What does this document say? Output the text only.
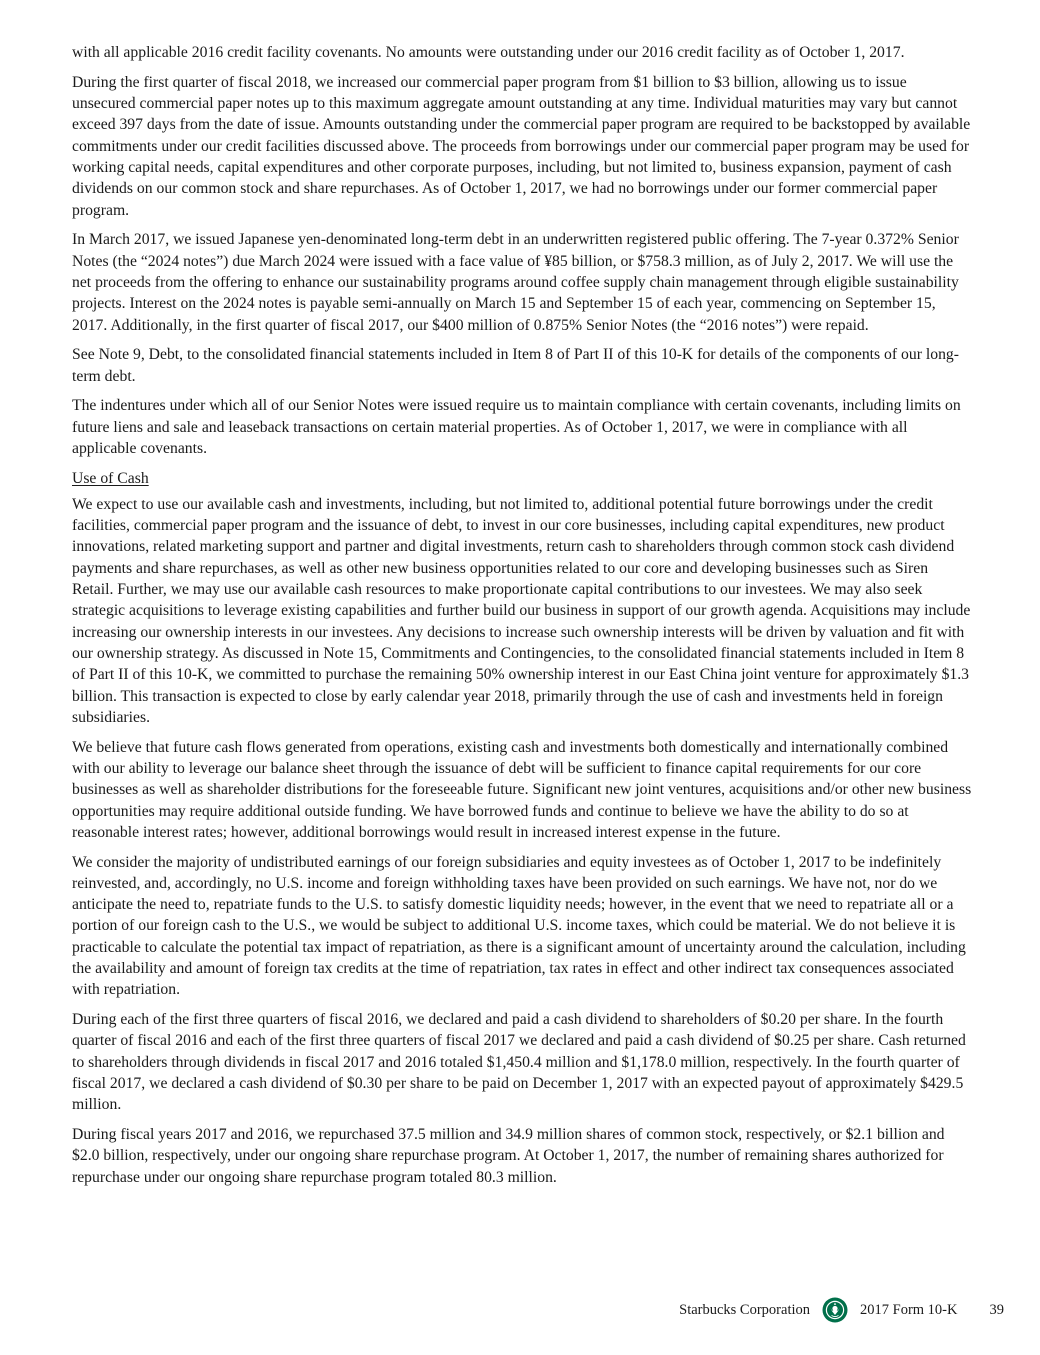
with all applicable 2016 credit facility covenants. No amounts were outstanding under our 2016 credit facility as of October 1, 2017.

During the first quarter of fiscal 2018, we increased our commercial paper program from $1 billion to $3 billion, allowing us to issue unsecured commercial paper notes up to this maximum aggregate amount outstanding at any time. Individual maturities may vary but cannot exceed 397 days from the date of issue. Amounts outstanding under the commercial paper program are required to be backstopped by available commitments under our credit facilities discussed above. The proceeds from borrowings under our commercial paper program may be used for working capital needs, capital expenditures and other corporate purposes, including, but not limited to, business expansion, payment of cash dividends on our common stock and share repurchases. As of October 1, 2017, we had no borrowings under our former commercial paper program.

In March 2017, we issued Japanese yen-denominated long-term debt in an underwritten registered public offering. The 7-year 0.372% Senior Notes (the “2024 notes”) due March 2024 were issued with a face value of ¥85 billion, or $758.3 million, as of July 2, 2017. We will use the net proceeds from the offering to enhance our sustainability programs around coffee supply chain management through eligible sustainability projects. Interest on the 2024 notes is payable semi-annually on March 15 and September 15 of each year, commencing on September 15, 2017. Additionally, in the first quarter of fiscal 2017, our $400 million of 0.875% Senior Notes (the “2016 notes”) were repaid.

See Note 9, Debt, to the consolidated financial statements included in Item 8 of Part II of this 10-K for details of the components of our long-term debt.

The indentures under which all of our Senior Notes were issued require us to maintain compliance with certain covenants, including limits on future liens and sale and leaseback transactions on certain material properties. As of October 1, 2017, we were in compliance with all applicable covenants.

Use of Cash

We expect to use our available cash and investments, including, but not limited to, additional potential future borrowings under the credit facilities, commercial paper program and the issuance of debt, to invest in our core businesses, including capital expenditures, new product innovations, related marketing support and partner and digital investments, return cash to shareholders through common stock cash dividend payments and share repurchases, as well as other new business opportunities related to our core and developing businesses such as Siren Retail. Further, we may use our available cash resources to make proportionate capital contributions to our investees. We may also seek strategic acquisitions to leverage existing capabilities and further build our business in support of our growth agenda. Acquisitions may include increasing our ownership interests in our investees. Any decisions to increase such ownership interests will be driven by valuation and fit with our ownership strategy. As discussed in Note 15, Commitments and Contingencies, to the consolidated financial statements included in Item 8 of Part II of this 10-K, we committed to purchase the remaining 50% ownership interest in our East China joint venture for approximately $1.3 billion. This transaction is expected to close by early calendar year 2018, primarily through the use of cash and investments held in foreign subsidiaries.

We believe that future cash flows generated from operations, existing cash and investments both domestically and internationally combined with our ability to leverage our balance sheet through the issuance of debt will be sufficient to finance capital requirements for our core businesses as well as shareholder distributions for the foreseeable future. Significant new joint ventures, acquisitions and/or other new business opportunities may require additional outside funding. We have borrowed funds and continue to believe we have the ability to do so at reasonable interest rates; however, additional borrowings would result in increased interest expense in the future.

We consider the majority of undistributed earnings of our foreign subsidiaries and equity investees as of October 1, 2017 to be indefinitely reinvested, and, accordingly, no U.S. income and foreign withholding taxes have been provided on such earnings. We have not, nor do we anticipate the need to, repatriate funds to the U.S. to satisfy domestic liquidity needs; however, in the event that we need to repatriate all or a portion of our foreign cash to the U.S., we would be subject to additional U.S. income taxes, which could be material. We do not believe it is practicable to calculate the potential tax impact of repatriation, as there is a significant amount of uncertainty around the calculation, including the availability and amount of foreign tax credits at the time of repatriation, tax rates in effect and other indirect tax consequences associated with repatriation.

During each of the first three quarters of fiscal 2016, we declared and paid a cash dividend to shareholders of $0.20 per share. In the fourth quarter of fiscal 2016 and each of the first three quarters of fiscal 2017 we declared and paid a cash dividend of $0.25 per share. Cash returned to shareholders through dividends in fiscal 2017 and 2016 totaled $1,450.4 million and $1,178.0 million, respectively. In the fourth quarter of fiscal 2017, we declared a cash dividend of $0.30 per share to be paid on December 1, 2017 with an expected payout of approximately $429.5 million.

During fiscal years 2017 and 2016, we repurchased 37.5 million and 34.9 million shares of common stock, respectively, or $2.1 billion and $2.0 billion, respectively, under our ongoing share repurchase program. At October 1, 2017, the number of remaining shares authorized for repurchase under our ongoing share repurchase program totaled 80.3 million.

Starbucks Corporation	2017 Form 10-K 39
